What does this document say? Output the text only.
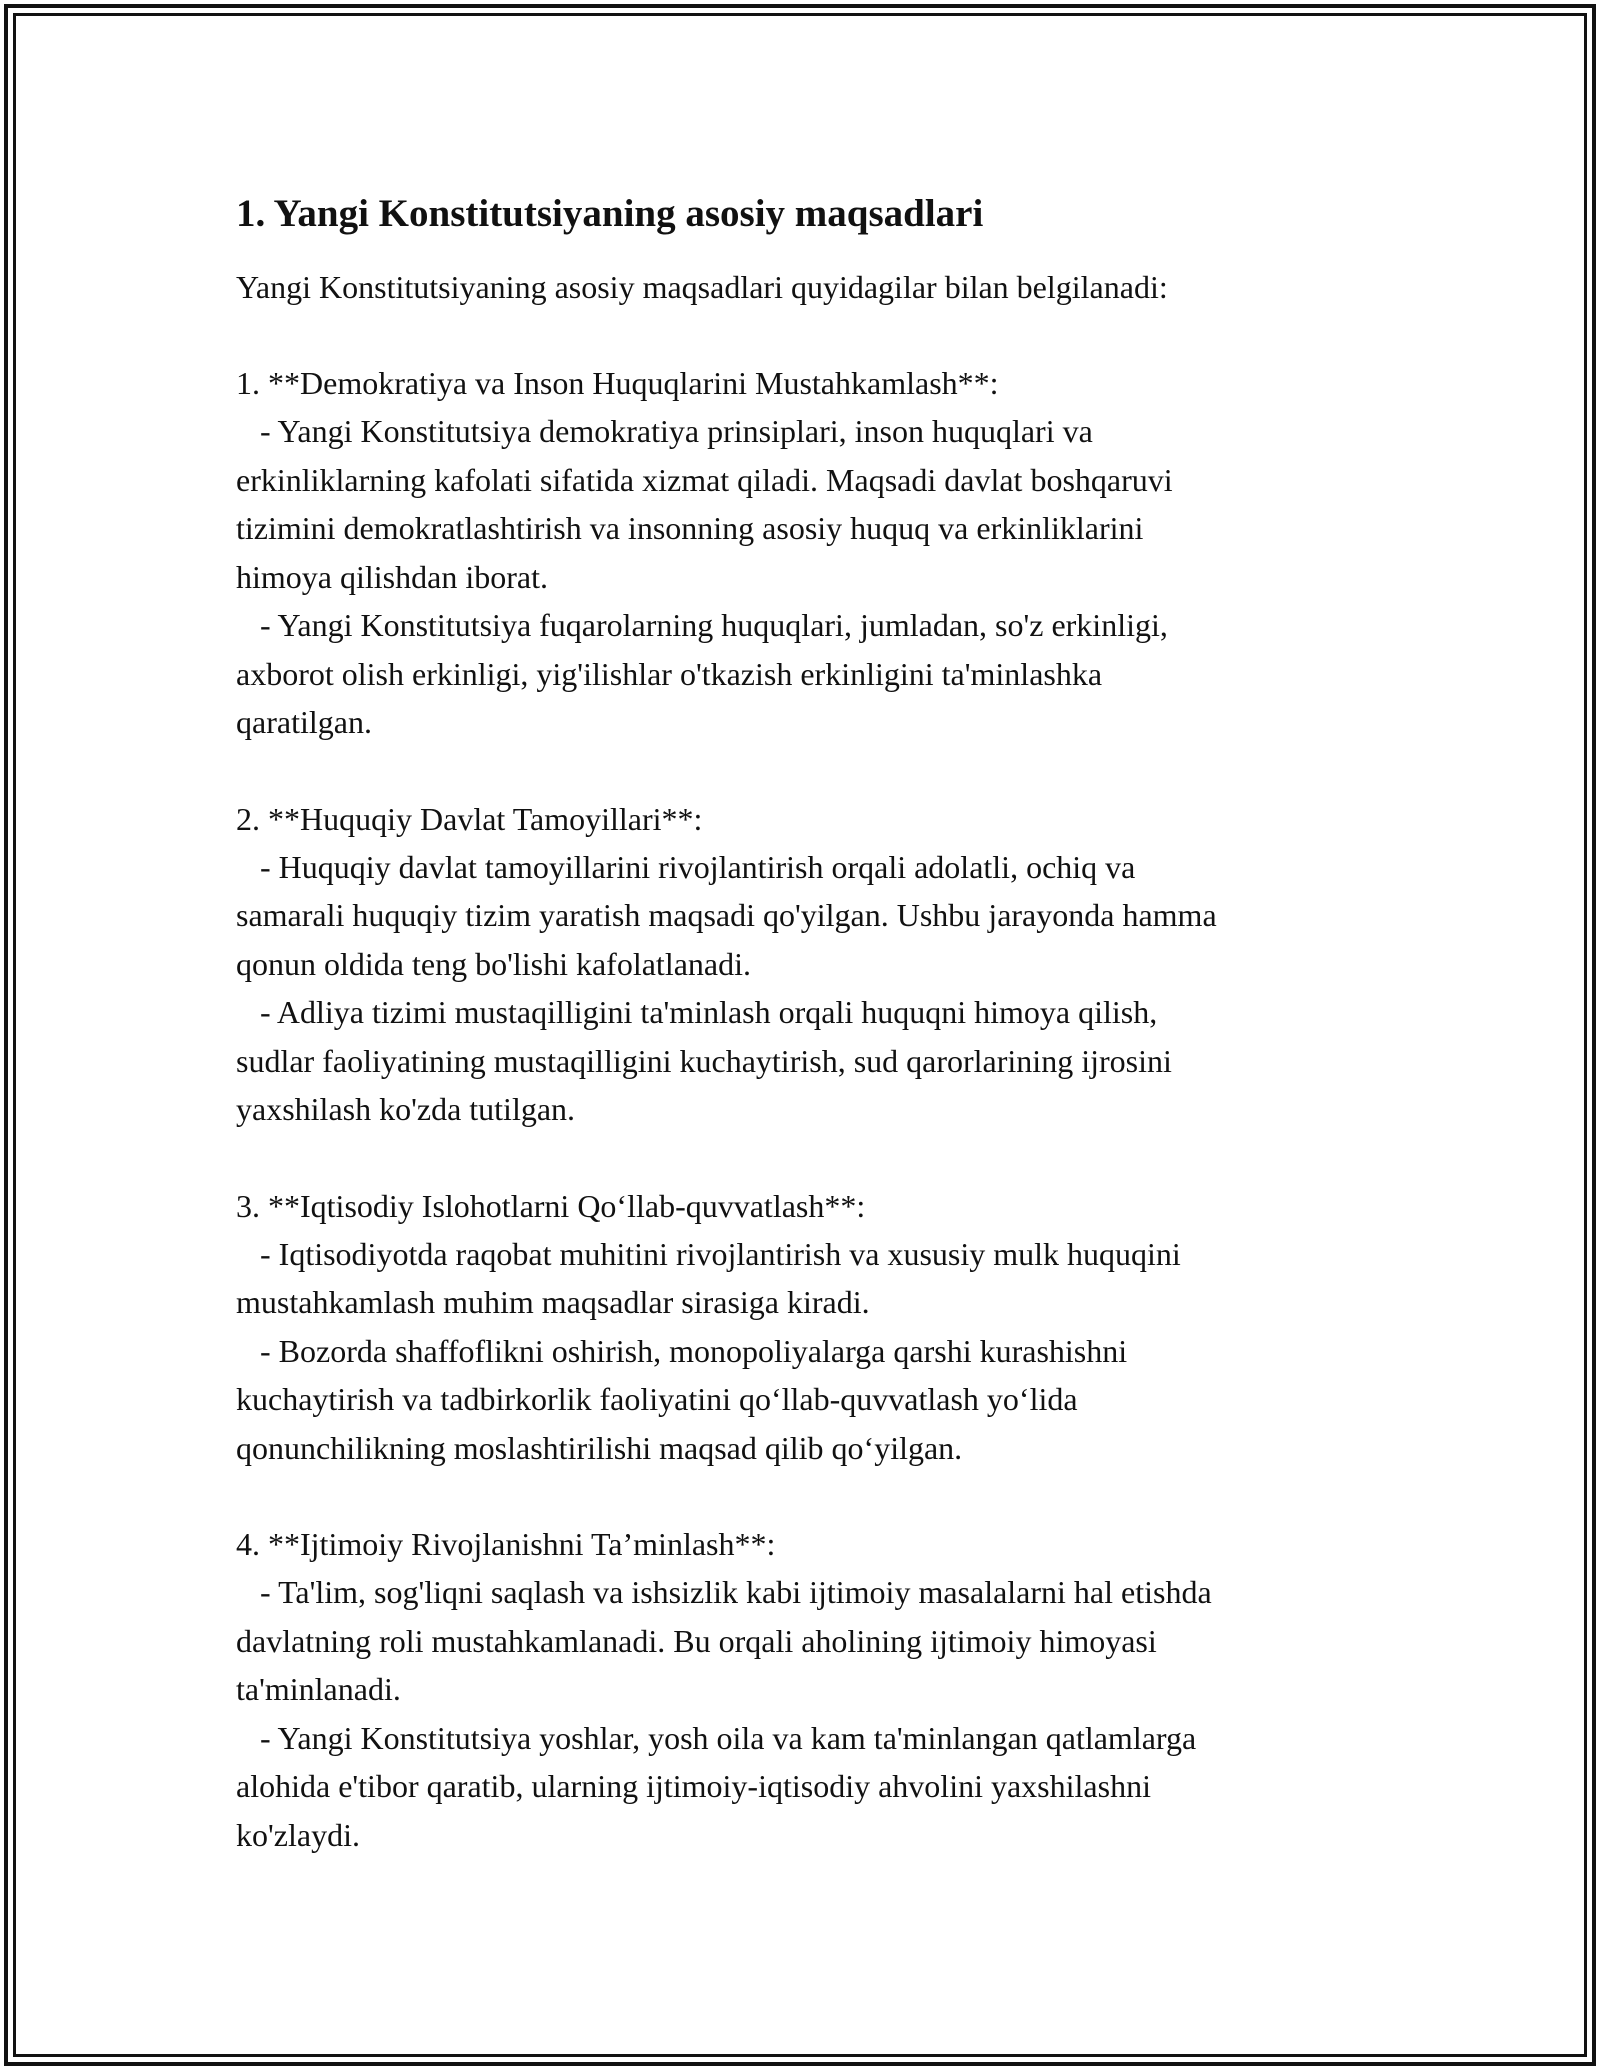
1. Yangi Konstitutsiyaning asosiy maqsadlari
Yangi Konstitutsiyaning asosiy maqsadlari quyidagilar bilan belgilanadi:
1. **Demokratiya va Inson Huquqlarini Mustahkamlash**:
- Yangi Konstitutsiya demokratiya prinsiplari, inson huquqlari va
erkinliklarning kafolati sifatida xizmat qiladi. Maqsadi davlat boshqaruvi
tizimini demokratlashtirish va insonning asosiy huquq va erkinliklarini
himoya qilishdan iborat.
- Yangi Konstitutsiya fuqarolarning huquqlari, jumladan, so'z erkinligi,
axborot olish erkinligi, yig'ilishlar o'tkazish erkinligini ta'minlashka
qaratilgan.
2. **Huquqiy Davlat Tamoyillari**:
- Huquqiy davlat tamoyillarini rivojlantirish orqali adolatli, ochiq va
samarali huquqiy tizim yaratish maqsadi qo'yilgan. Ushbu jarayonda hamma
qonun oldida teng bo'lishi kafolatlanadi.
- Adliya tizimi mustaqilligini ta'minlash orqali huquqni himoya qilish,
sudlar faoliyatining mustaqilligini kuchaytirish, sud qarorlarining ijrosini
yaxshilash ko'zda tutilgan.
3. **Iqtisodiy Islohotlarni Qo‘llab-quvvatlash**:
- Iqtisodiyotda raqobat muhitini rivojlantirish va xususiy mulk huquqini
mustahkamlash muhim maqsadlar sirasiga kiradi.
- Bozorda shaffoflikni oshirish, monopoliyalarga qarshi kurashishni
kuchaytirish va tadbirkorlik faoliyatini qo‘llab-quvvatlash yo‘lida
qonunchilikning moslashtirilishi maqsad qilib qo‘yilgan.
4. **Ijtimoiy Rivojlanishni Ta’minlash**:
- Ta'lim, sog'liqni saqlash va ishsizlik kabi ijtimoiy masalalarni hal etishda
davlatning roli mustahkamlanadi. Bu orqali aholining ijtimoiy himoyasi
ta'minlanadi.
- Yangi Konstitutsiya yoshlar, yosh oila va kam ta'minlangan qatlamlarga
alohida e'tibor qaratib, ularning ijtimoiy-iqtisodiy ahvolini yaxshilashni
ko'zlaydi.
